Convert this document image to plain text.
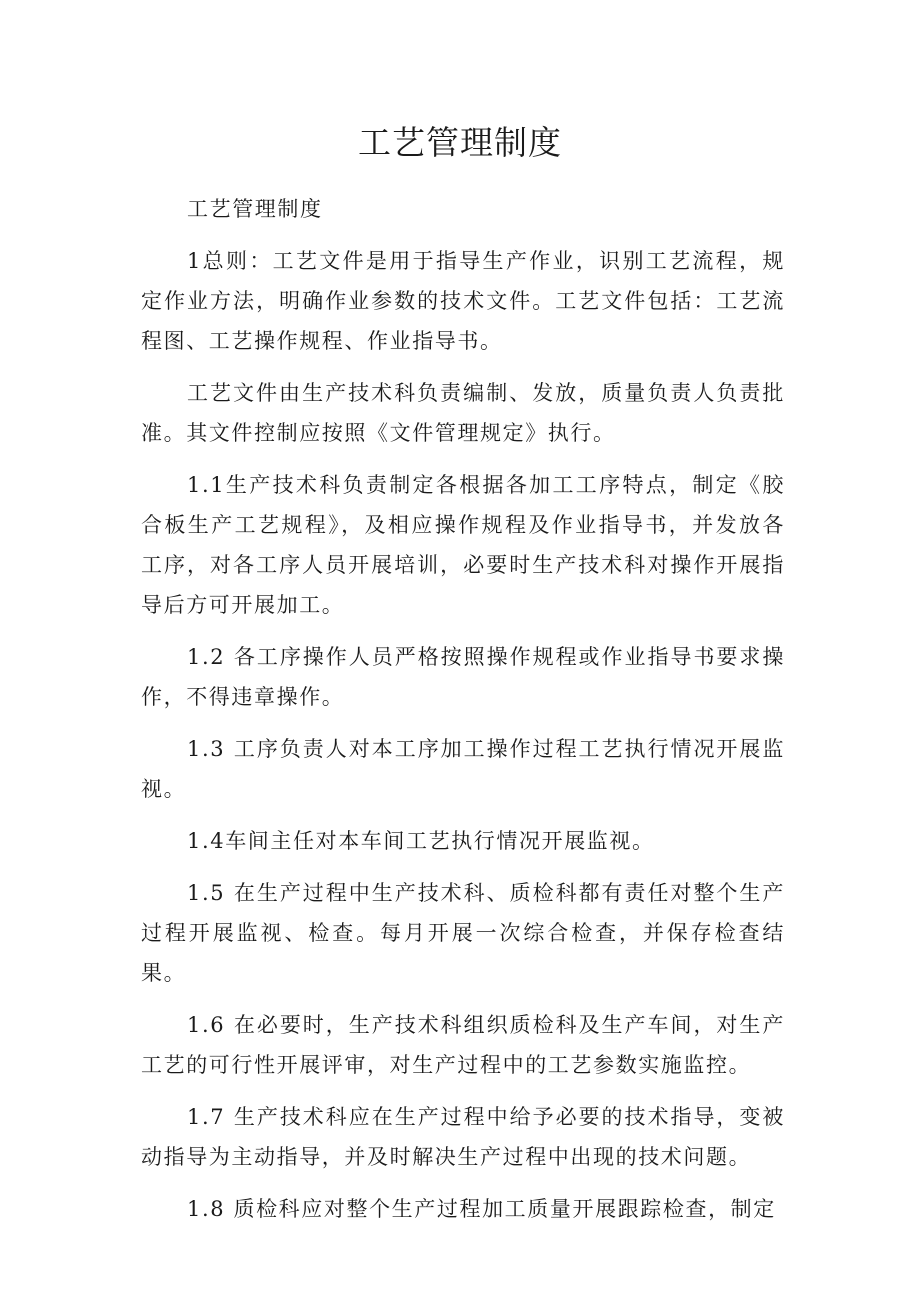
工艺管理制度

工艺管理制度

1总则：工艺文件是用于指导生产作业，识别工艺流程，规定作业方法，明确作业参数的技术文件。工艺文件包括：工艺流程图、工艺操作规程、作业指导书。

工艺文件由生产技术科负责编制、发放，质量负责人负责批准。其文件控制应按照《文件管理规定》执行。

1.1生产技术科负责制定各根据各加工工序特点，制定《胶合板生产工艺规程》，及相应操作规程及作业指导书，并发放各工序，对各工序人员开展培训，必要时生产技术科对操作开展指导后方可开展加工。

1.2 各工序操作人员严格按照操作规程或作业指导书要求操作，不得违章操作。

1.3 工序负责人对本工序加工操作过程工艺执行情况开展监视。

1.4车间主任对本车间工艺执行情况开展监视。

1.5 在生产过程中生产技术科、质检科都有责任对整个生产过程开展监视、检查。每月开展一次综合检查，并保存检查结果。

1.6 在必要时，生产技术科组织质检科及生产车间，对生产工艺的可行性开展评审，对生产过程中的工艺参数实施监控。

1.7 生产技术科应在生产过程中给予必要的技术指导，变被动指导为主动指导，并及时解决生产过程中出现的技术问题。

1.8 质检科应对整个生产过程加工质量开展跟踪检查，制定
